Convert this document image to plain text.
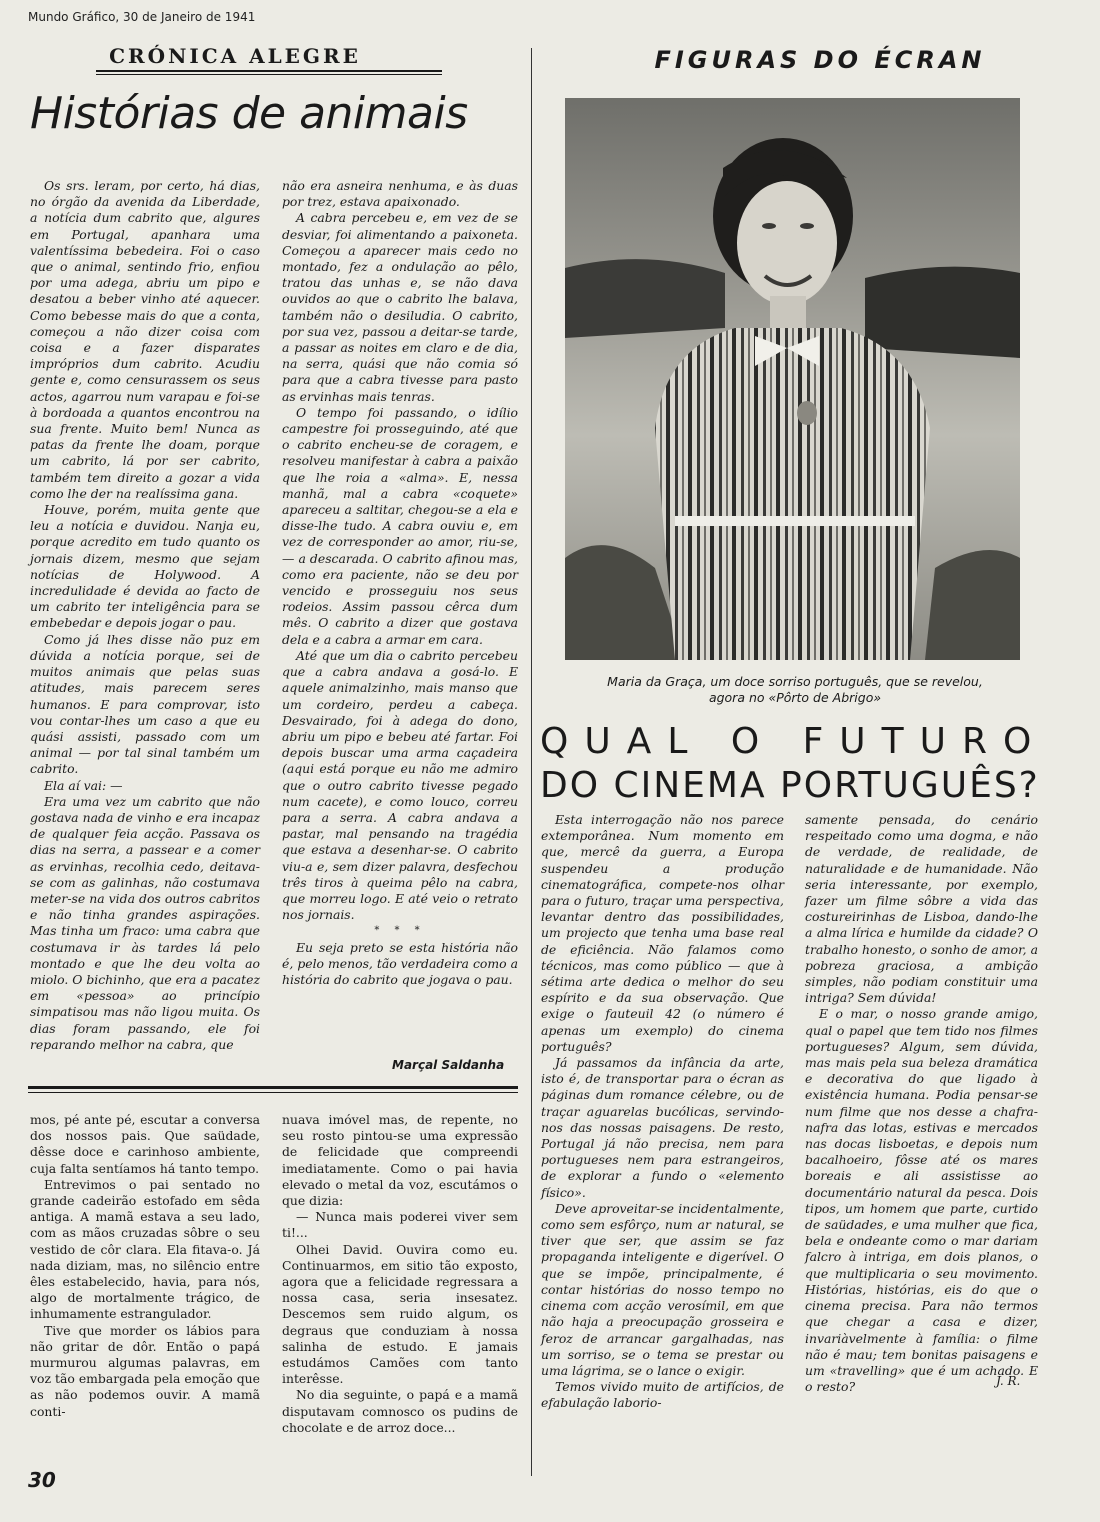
Mundo Gráfico, 30 de Janeiro de 1941
CRÓNICA ALEGRE
Histórias de animais

Os srs. leram, por certo, há dias, no órgão da avenida da Liberdade, a notícia dum cabrito que, algures em Portugal, apanhara uma valentíssima bebedeira. Foi o caso que o animal, sentindo frio, enfiou por uma adega, abriu um pipo e desatou a beber vinho até aquecer. Como bebesse mais do que a conta, começou a não dizer coisa com coisa e a fazer disparates impróprios dum cabrito. Acudiu gente e, como censurassem os seus actos, agarrou num varapau e foi-se à bordoada a quantos encontrou na sua frente. Muito bem! Nunca as patas da frente lhe doam, porque um cabrito, lá por ser cabrito, também tem direito a gozar a vida como lhe der na realíssima gana.

Houve, porém, muita gente que leu a notícia e duvidou. Nanja eu, porque acredito em tudo quanto os jornais dizem, mesmo que sejam notícias de Holywood. A incredulidade é devida ao facto de um cabrito ter inteligência para se embebedar e depois jogar o pau.

Como já lhes disse não puz em dúvida a notícia porque, sei de muitos animais que pelas suas atitudes, mais parecem seres humanos. E para comprovar, isto vou contar-lhes um caso a que eu quási assisti, passado com um animal — por tal sinal também um cabrito.

Ela aí vai: —

Era uma vez um cabrito que não gostava nada de vinho e era incapaz de qualquer feia acção. Passava os dias na serra, a passear e a comer as ervinhas, recolhia cedo, deitava-se com as galinhas, não costumava meter-se na vida dos outros cabritos e não tinha grandes aspirações. Mas tinha um fraco: uma cabra que costumava ir às tardes lá pelo montado e que lhe deu volta ao miolo. O bichinho, que era a pacatez em «pessoa» ao princípio simpatisou mas não ligou muita. Os dias foram passando, ele foi reparando melhor na cabra, que

não era asneira nenhuma, e às duas por trez, estava apaixonado.

A cabra percebeu e, em vez de se desviar, foi alimentando a paixoneta. Começou a aparecer mais cedo no montado, fez a ondulação ao pêlo, tratou das unhas e, se não dava ouvidos ao que o cabrito lhe balava, também não o desiludia. O cabrito, por sua vez, passou a deitar-se tarde, a passar as noites em claro e de dia, na serra, quási que não comia só para que a cabra tivesse para pasto as ervinhas mais tenras.

O tempo foi passando, o idílio campestre foi prosseguindo, até que o cabrito encheu-se de coragem, e resolveu manifestar à cabra a paixão que lhe roia a «alma». E, nessa manhã, mal a cabra «coquete» apareceu a saltitar, chegou-se a ela e disse-lhe tudo. A cabra ouviu e, em vez de corresponder ao amor, riu-se, — a descarada. O cabrito afinou mas, como era paciente, não se deu por vencido e prosseguiu nos seus rodeios. Assim passou cêrca dum mês. O cabrito a dizer que gostava dela e a cabra a armar em cara.

Até que um dia o cabrito percebeu que a cabra andava a gosá-lo. E aquele animalzinho, mais manso que um cordeiro, perdeu a cabeça. Desvairado, foi à adega do dono, abriu um pipo e bebeu até fartar. Foi depois buscar uma arma caçadeira (aqui está porque eu não me admiro que o outro cabrito tivesse pegado num cacete), e como louco, correu para a serra. A cabra andava a pastar, mal pensando na tragédia que estava a desenhar-se. O cabrito viu-a e, sem dizer palavra, desfechou três tiros à queima pêlo na cabra, que morreu logo. E até veio o retrato nos jornais.

* * *

Eu seja preto se esta história não é, pelo menos, tão verdadeira como a história do cabrito que jogava o pau.

Marçal Saldanha

mos, pé ante pé, escutar a conversa dos nossos pais. Que saüdade, dêsse doce e carinhoso ambiente, cuja falta sentíamos há tanto tempo.

Entrevimos o pai sentado no grande cadeirão estofado em sêda antiga. A mamã estava a seu lado, com as mãos cruzadas sôbre o seu vestido de côr clara. Ela fitava-o. Já nada diziam, mas, no silêncio entre êles estabelecido, havia, para nós, algo de mortalmente trágico, de inhumamente estrangulador.

Tive que morder os lábios para não gritar de dôr. Então o papá murmurou algumas palavras, em voz tão embargada pela emoção que as não podemos ouvir. A mamã conti-

nuava imóvel mas, de repente, no seu rosto pintou-se uma expressão de felicidade que compreendi imediatamente. Como o pai havia elevado o metal da voz, escutámos o que dizia:

— Nunca mais poderei viver sem ti!...

Olhei David. Ouvira como eu. Continuarmos, em sitio tão exposto, agora que a felicidade regressara a nossa casa, seria insesatez. Descemos sem ruido algum, os degraus que conduziam à nossa salinha de estudo. E jamais estudámos Camões com tanto interêsse.

No dia seguinte, o papá e a mamã disputavam comnosco os pudins de chocolate e de arroz doce...

FIGURAS DO ÉCRAN
Maria da Graça, um doce sorriso português, que se revelou,
agora no «Pôrto de Abrigo»
QUAL O FUTURO
DO CINEMA PORTUGUÊS?

Esta interrogação não nos parece extemporânea. Num momento em que, mercê da guerra, a Europa suspendeu a produção cinematográfica, compete-nos olhar para o futuro, traçar uma perspectiva, levantar dentro das possibilidades, um projecto que tenha uma base real de eficiência. Não falamos como técnicos, mas como público — que à sétima arte dedica o melhor do seu espírito e da sua observação. Que exige o fauteuil 42 (o número é apenas um exemplo) do cinema português?

Já passamos da infância da arte, isto é, de transportar para o écran as páginas dum romance célebre, ou de traçar aguarelas bucólicas, servindo-nos das nossas paisagens. De resto, Portugal já não precisa, nem para portugueses nem para estrangeiros, de explorar a fundo o «elemento físico».

Deve aproveitar-se incidentalmente, como sem esfôrço, num ar natural, se tiver que ser, que assim se faz propaganda inteligente e digerível. O que se impõe, principalmente, é contar histórias do nosso tempo no cinema com acção verosímil, em que não haja a preocupação grosseira e feroz de arrancar gargalhadas, nas um sorriso, se o tema se prestar ou uma lágrima, se o lance o exigir.

Temos vivido muito de artifícios, de efabulação laborio-

samente pensada, do cenário respeitado como uma dogma, e não de verdade, de realidade, de naturalidade e de humanidade. Não seria interessante, por exemplo, fazer um filme sôbre a vida das costureirinhas de Lisboa, dando-lhe a alma lírica e humilde da cidade? O trabalho honesto, o sonho de amor, a pobreza graciosa, a ambição simples, não podiam constituir uma intriga? Sem dúvida!

E o mar, o nosso grande amigo, qual o papel que tem tido nos filmes portugueses? Algum, sem dúvida, mas mais pela sua beleza dramática e decorativa do que ligado à existência humana. Podia pensar-se num filme que nos desse a chafra-nafra das lotas, estivas e mercados nas docas lisboetas, e depois num bacalhoeiro, fôsse até os mares boreais e ali assistisse ao documentário natural da pesca. Dois tipos, um homem que parte, curtido de saüdades, e uma mulher que fica, bela e ondeante como o mar dariam falcro à intriga, em dois planos, o que multiplicaria o seu movimento. Histórias, histórias, eis do que o cinema precisa. Para não termos que chegar a casa e dizer, invariàvelmente à família: o filme não é mau; tem bonitas paisagens e um «travelling» que é um achado. E o resto?	J. R.
30
